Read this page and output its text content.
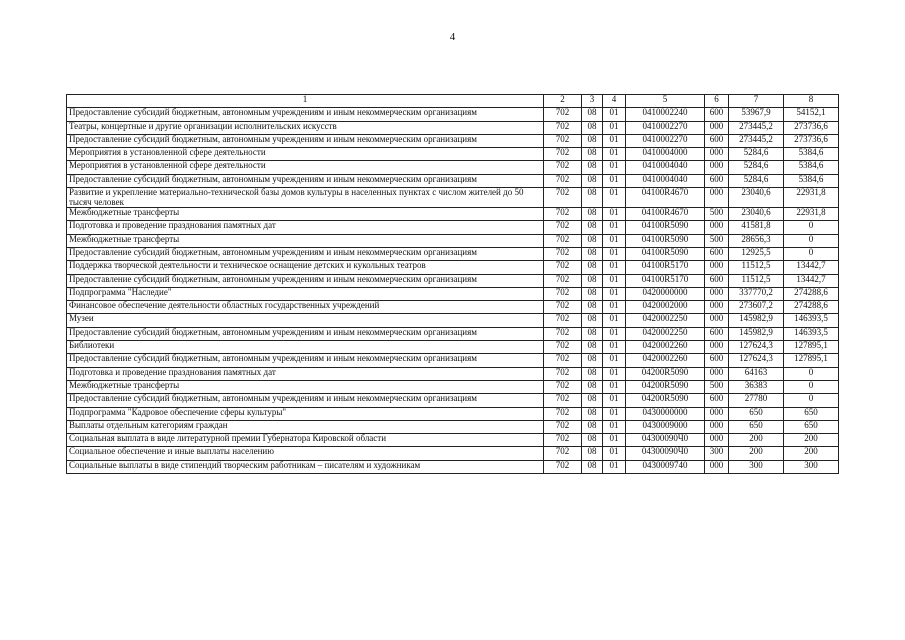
4
1	2	3	4	5	6	7	8
Предоставление субсидий бюджетным, автономным учреждениям и иным некоммерческим организациям	702	08	01	0410002240	600	53967,9	54152,1
Театры, концертные и другие организации исполнительских искусств	702	08	01	0410002270	000	273445,2	273736,6
Предоставление субсидий бюджетным, автономным учреждениям и иным некоммерческим организациям	702	08	01	0410002270	600	273445,2	273736,6
Мероприятия в установленной сфере деятельности	702	08	01	0410004000	000	5284,6	5384,6
Мероприятия в установленной сфере деятельности	702	08	01	0410004040	000	5284,6	5384,6
Предоставление субсидий бюджетным, автономным учреждениям и иным некоммерческим организациям	702	08	01	0410004040	600	5284,6	5384,6
Развитие и укрепление материально-технической базы домов культуры в населенных пунктах с числом жителей до 50 тысяч человек	702	08	01	04100R4670	000	23040,6	22931,8
Межбюджетные трансферты	702	08	01	04100R4670	500	23040,6	22931,8
Подготовка и проведение празднования памятных дат	702	08	01	04100R5090	000	41581,8	0
Межбюджетные трансферты	702	08	01	04100R5090	500	28656,3	0
Предоставление субсидий бюджетным, автономным учреждениям и иным некоммерческим организациям	702	08	01	04100R5090	600	12925,5	0
Поддержка творческой деятельности и техническое оснащение детских и кукольных театров	702	08	01	04100R5170	000	11512,5	13442,7
Предоставление субсидий бюджетным, автономным учреждениям и иным некоммерческим организациям	702	08	01	04100R5170	600	11512,5	13442,7
Подпрограмма "Наследие"	702	08	01	0420000000	000	337770,2	274288,6
Финансовое обеспечение деятельности областных государственных учреждений	702	08	01	0420002000	000	273607,2	274288,6
Музеи	702	08	01	0420002250	000	145982,9	146393,5
Предоставление субсидий бюджетным, автономным учреждениям и иным некоммерческим организациям	702	08	01	0420002250	600	145982,9	146393,5
Библиотеки	702	08	01	0420002260	000	127624,3	127895,1
Предоставление субсидий бюджетным, автономным учреждениям и иным некоммерческим организациям	702	08	01	0420002260	600	127624,3	127895,1
Подготовка и проведение празднования памятных дат	702	08	01	04200R5090	000	64163	0
Межбюджетные трансферты	702	08	01	04200R5090	500	36383	0
Предоставление субсидий бюджетным, автономным учреждениям и иным некоммерческим организациям	702	08	01	04200R5090	600	27780	0
Подпрограмма "Кадровое обеспечение сферы культуры"	702	08	01	0430000000	000	650	650
Выплаты отдельным категориям граждан	702	08	01	0430009000	000	650	650
Социальная выплата в виде литературной премии Губернатора Кировской области	702	08	01	04300090Ч0	000	200	200
Социальное обеспечение и иные выплаты населению	702	08	01	04300090Ч0	300	200	200
Социальные выплаты в виде стипендий творческим работникам – писателям и художникам	702	08	01	0430009740	000	300	300
